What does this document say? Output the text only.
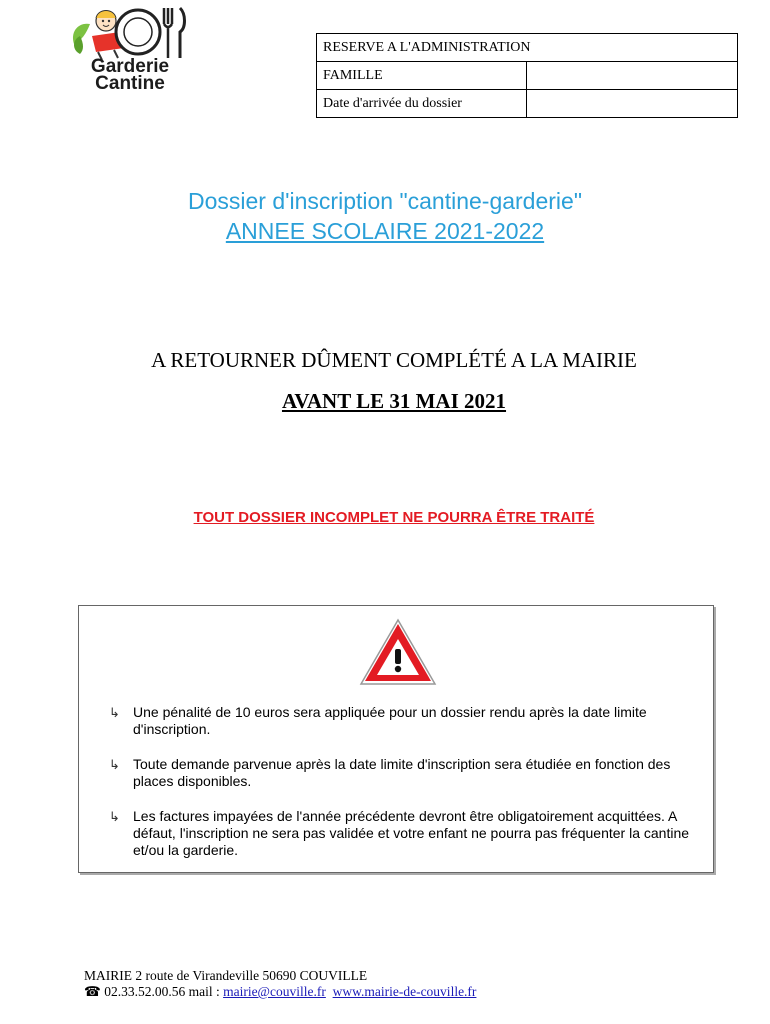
Garderie
Cantine
RESERVE A L'ADMINISTRATION	
FAMILLE	
Date d'arrivée du dossier	
Dossier d'inscription "cantine-garderie"
ANNEE SCOLAIRE 2021-2022
A RETOURNER DÛMENT COMPLÉTÉ A LA MAIRIE
AVANT LE 31 MAI 2021
TOUT DOSSIER INCOMPLET NE POURRA ÊTRE TRAITÉ
↳ Une pénalité de 10 euros sera appliquée pour un dossier rendu après la date limite d'inscription.
↳ Toute demande parvenue après la date limite d'inscription sera étudiée en fonction des places disponibles.
↳ Les factures impayées de l'année précédente devront être obligatoirement acquittées. A défaut, l'inscription ne sera pas validée et votre enfant ne pourra pas fréquenter la cantine et/ou la garderie.
MAIRIE 2 route de Virandeville 50690 COUVILLE
☎ 02.33.52.00.56 mail : mairie@couville.fr www.mairie-de-couville.fr
